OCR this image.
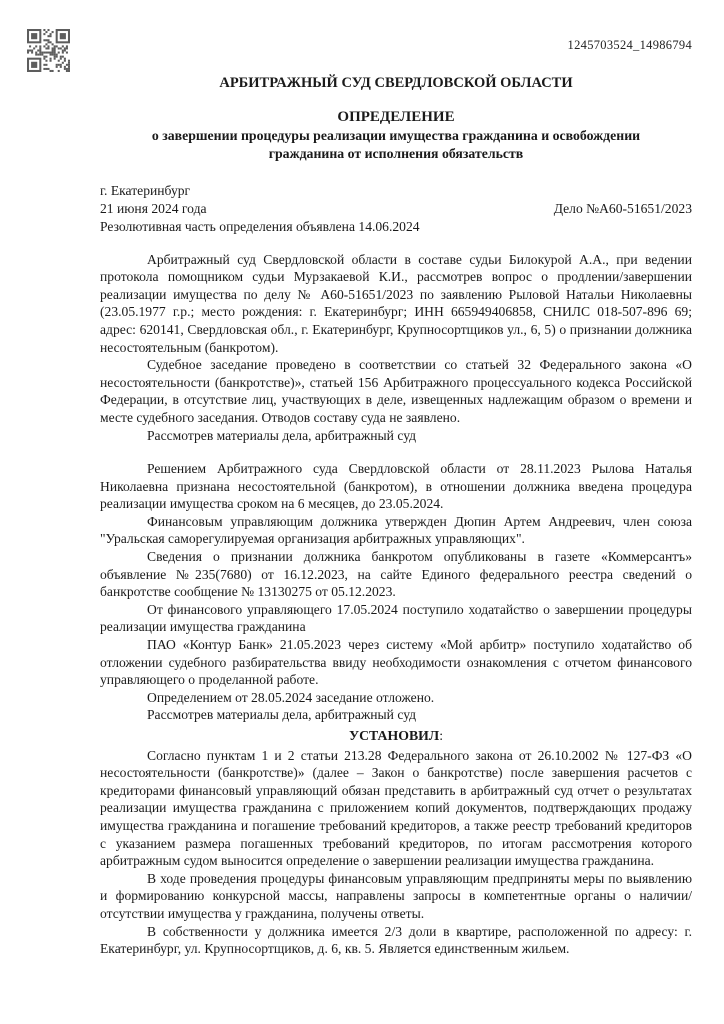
1245703524_14986794
АРБИТРАЖНЫЙ СУД СВЕРДЛОВСКОЙ ОБЛАСТИ
ОПРЕДЕЛЕНИЕ
о завершении процедуры реализации имущества гражданина и освобождении гражданина от исполнения обязательств
г. Екатеринбург
21 июня 2024 года	Дело №А60-51651/2023
Резолютивная часть определения объявлена 14.06.2024

Арбитражный суд Свердловской области в составе судьи Билокурой А.А., при ведении протокола помощником судьи Мурзакаевой К.И., рассмотрев вопрос о продлении/завершении реализации имущества по делу № А60-51651/2023 по заявлению Рыловой Натальи Николаевны (23.05.1977 г.р.; место рождения: г. Екатеринбург; ИНН 665949406858, СНИЛС 018-507-896 69; адрес: 620141, Свердловская обл., г. Екатеринбург, Крупносортщиков ул., 6, 5) о признании должника несостоятельным (банкротом).

Судебное заседание проведено в соответствии со статьей 32 Федерального закона «О несостоятельности (банкротстве)», статьей 156 Арбитражного процессуального кодекса Российской Федерации, в отсутствие лиц, участвующих в деле, извещенных надлежащим образом о времени и месте судебного заседания. Отводов составу суда не заявлено.

Рассмотрев материалы дела, арбитражный суд

Решением Арбитражного суда Свердловской области от 28.11.2023 Рылова Наталья Николаевна признана несостоятельной (банкротом), в отношении должника введена процедура реализации имущества сроком на 6 месяцев, до 23.05.2024.

Финансовым управляющим должника утвержден Дюпин Артем Андреевич, член союза "Уральская саморегулируемая организация арбитражных управляющих".

Сведения о признании должника банкротом опубликованы в газете «Коммерсантъ» объявление №235(7680) от 16.12.2023, на сайте Единого федерального реестра сведений о банкротстве сообщение № 13130275 от 05.12.2023.

От финансового управляющего 17.05.2024 поступило ходатайство о завершении процедуры реализации имущества гражданина

ПАО «Контур Банк» 21.05.2023 через систему «Мой арбитр» поступило ходатайство об отложении судебного разбирательства ввиду необходимости ознакомления с отчетом финансового управляющего о проделанной работе.

Определением от 28.05.2024 заседание отложено.

Рассмотрев материалы дела, арбитражный суд

УСТАНОВИЛ:

Согласно пунктам 1 и 2 статьи 213.28 Федерального закона от 26.10.2002 № 127-ФЗ «О несостоятельности (банкротстве)» (далее – Закон о банкротстве) после завершения расчетов с кредиторами финансовый управляющий обязан представить в арбитражный суд отчет о результатах реализации имущества гражданина с приложением копий документов, подтверждающих продажу имущества гражданина и погашение требований кредиторов, а также реестр требований кредиторов с указанием размера погашенных требований кредиторов, по итогам рассмотрения которого арбитражным судом выносится определение о завершении реализации имущества гражданина.

В ходе проведения процедуры финансовым управляющим предприняты меры по выявлению и формированию конкурсной массы, направлены запросы в компетентные органы о наличии/отсутствии имущества у гражданина, получены ответы.

В собственности у должника имеется 2/3 доли в квартире, расположенной по адресу: г. Екатеринбург, ул. Крупносортщиков, д. 6, кв. 5. Является единственным жильем.
